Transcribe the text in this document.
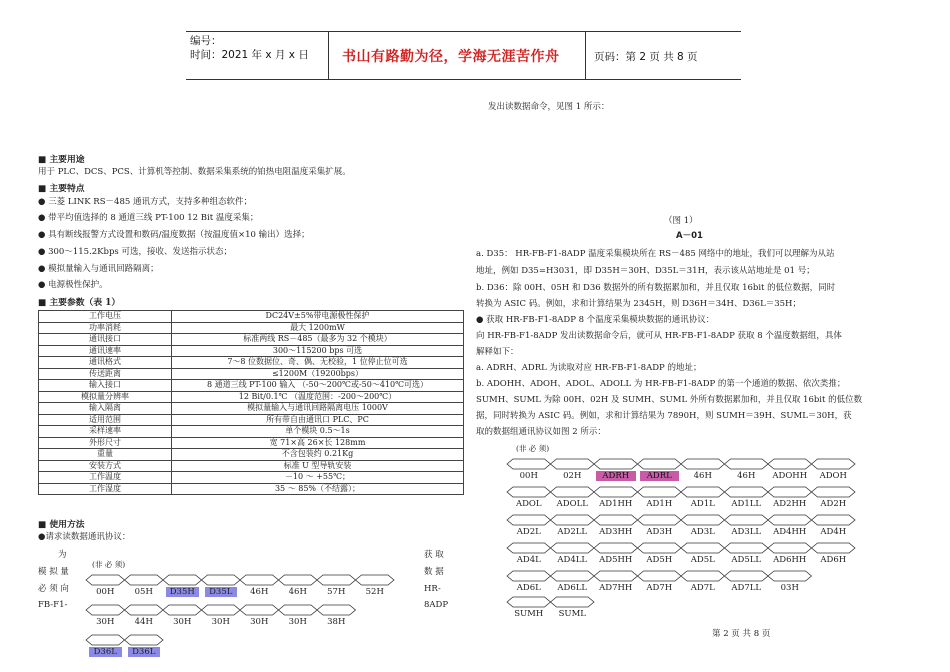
编号：
时间：2021 年 x 月 x 日 书山有路勤为径，学海无涯苦作舟	页码：第 2 页 共 8 页
■ 主要用途
用于 PLC、DCS、PCS、计算机等控制、数据采集系统的铂热电阻温度采集扩展。
■ 主要特点
● 三菱 LINK RS－485 通讯方式，支持多种组态软件；
● 带平均值选择的 8 通道三线 PT-100 12 Bit 温度采集；
● 具有断线报警方式设置和数码/温度数据（按温度值×10 输出）选择；
● 300～115.2Kbps 可选，接收、发送指示状态；
● 模拟量输入与通讯回路隔离；
● 电源极性保护。
■ 主要参数（表 1）
工作电压	DC24V±5%带电源极性保护
功率消耗	最大 1200mW
通讯接口	标准两线 RS－485（最多为 32 个模块）
通讯速率	300～115200 bps 可选
通讯格式	7～8 位数据位、奇、偶、无校验，1 位停止位可选
传送距离	≤1200M（19200bps）
输入接口	8 通道三线 PT-100 输入 （-50～200℃或-50～410℃可选）
模拟量分辨率	12 Bit/0.1℃ （温度范围：-200～200℃）
输入隔离	模拟量输入与通讯回路隔离电压 1000V
适用范围	所有带自由通讯口 PLC、PC
采样速率	单个模块 0.5～1s
外形尺寸	宽 71×高 26×长 128mm
重量	不含包装约 0.21Kg
安装方式	标准 U 型导轨安装
工作温度	－10 ～ +55℃；
工作湿度	35 ～ 85%（不结露）；
■ 使用方法
●请求读数据通讯协议：
为
模 拟 量
必 须 向
FB-F1-
获 取
数 据
HR-
8ADP
(非 必 须)
00H	05H	D35H	D35L	46H	46H	57H	52H
30H	44H	30H	30H	30H	30H	38H
D36L	D36L
发出读数据命令，见图 1 所示：
（图 1）
A－01
a. D35： HR-FB-F1-8ADP 温度采集模块所在 RS－485 网络中的地址，我们可以理解为从站
地址，例如 D35=H3031，即 D35H＝30H、D35L＝31H，表示该从站地址是 01 号；
b. D36：除 00H、05H 和 D36 数据外的所有数据累加和，并且仅取 16bit 的低位数据，同时
转换为 ASIC 码。例如，求和计算结果为 2345H，则 D36H＝34H、D36L＝35H；
● 获取 HR-FB-F1-8ADP 8 个温度采集模块数据的通讯协议：
向 HR-FB-F1-8ADP 发出读数据命令后，就可从 HR-FB-F1-8ADP 获取 8 个温度数据组，具体
解释如下：
a. ADRH、ADRL 为读取对应 HR-FB-F1-8ADP 的地址；
b. ADOHH、ADOH、ADOL、ADOLL 为 HR-FB-F1-8ADP 的第一个通道的数据、依次类推；
SUMH、SUML 为除 00H、02H 及 SUMH、SUML 外所有数据累加和，并且仅取 16bit 的低位数
据，同时转换为 ASIC 码。例如，求和计算结果为 7890H，则 SUMH＝39H、SUML＝30H，获
取的数据组通讯协议如图 2 所示：
(非 必 须)
00H	02H	ADRH	ADRL	46H	46H	ADOHH	ADOH
ADOL	ADOLL	AD1HH	AD1H	AD1L	AD1LL	AD2HH	AD2H
AD2L	AD2LL	AD3HH	AD3H	AD3L	AD3LL	AD4HH	AD4H
AD4L	AD4LL	AD5HH	AD5H	AD5L	AD5LL	AD6HH	AD6H
AD6L	AD6LL	AD7HH	AD7H	AD7L	AD7LL	03H
SUMH	SUML
第 2 页 共 8 页
